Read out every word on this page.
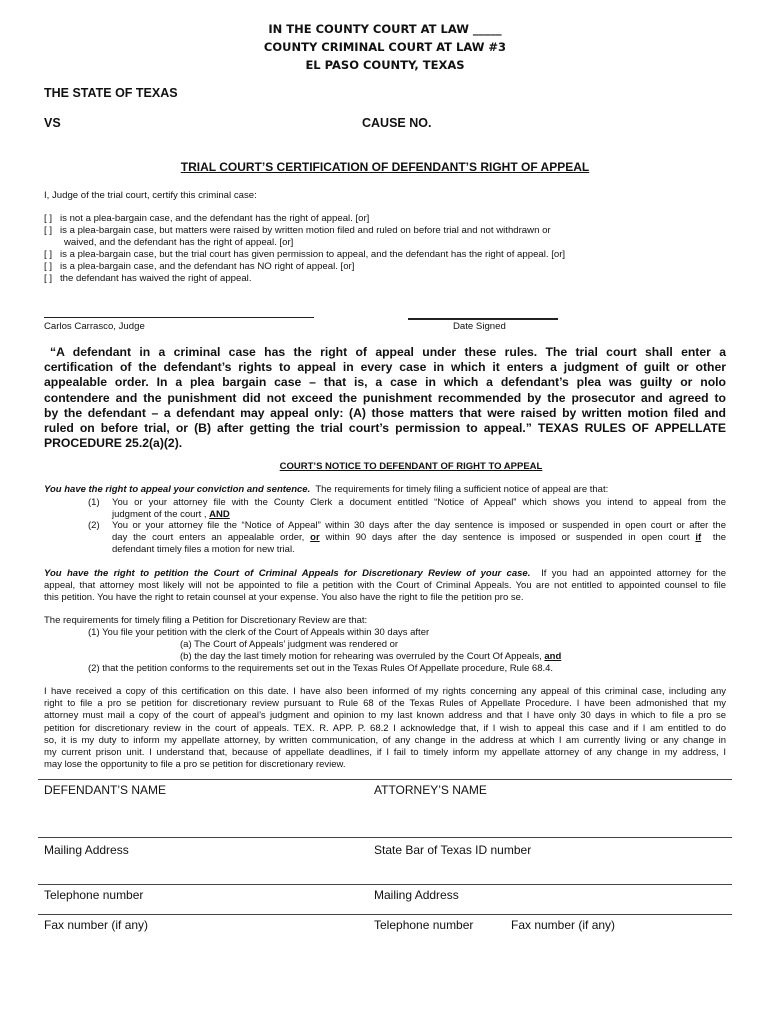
IN THE COUNTY COURT AT LAW _____
COUNTY CRIMINAL COURT AT LAW #3
EL PASO COUNTY, TEXAS
THE STATE OF TEXAS
VS	CAUSE NO.
TRIAL COURT’S CERTIFICATION OF DEFENDANT’S RIGHT OF APPEAL
I, Judge of the trial court, certify this criminal case:
[ ] is not a plea-bargain case, and the defendant has the right of appeal. [or]
[ ] is a plea-bargain case, but matters were raised by written motion filed and ruled on before trial and not withdrawn or
waived, and the defendant has the right of appeal. [or]
[ ] is a plea-bargain case, but the trial court has given permission to appeal, and the defendant has the right of appeal. [or]
[ ] is a plea-bargain case, and the defendant has NO right of appeal. [or]
[ ] the defendant has waived the right of appeal.
Carlos Carrasco, Judge	Date Signed
“A defendant in a criminal case has the right of appeal under these rules. The trial court shall enter a
certification of the defendant’s rights to appeal in every case in which it enters a judgment of guilt or other
appealable order. In a plea bargain case – that is, a case in which a defendant’s plea was guilty or nolo
contendere and the punishment did not exceed the punishment recommended by the prosecutor and agreed to
by the defendant – a defendant may appeal only: (A) those matters that were raised by written motion filed and
ruled on before trial, or (B) after getting the trial court’s permission to appeal.” TEXAS RULES OF APPELLATE
PROCEDURE 25.2(a)(2).
COURT’S NOTICE TO DEFENDANT OF RIGHT TO APPEAL
You have the right to appeal your conviction and sentence. The requirements for timely filing a sufficient notice of appeal are that:
(1)	You or your attorney file with the County Clerk a document entitled “Notice of Appeal” which shows you intend to appeal from the
judgment of the court , AND
(2)	You or your attorney file the “Notice of Appeal” within 30 days after the day sentence is imposed or suspended in open court or after the
day the court enters an appealable order, or within 90 days after the day sentence is imposed or suspended in open court if the
defendant timely files a motion for new trial.
You have the right to petition the Court of Criminal Appeals for Discretionary Review of your case. If you had an appointed attorney for the
appeal, that attorney most likely will not be appointed to file a petition with the Court of Criminal Appeals. You are not entitled to appointed counsel to file
this petition. You have the right to retain counsel at your expense. You also have the right to file the petition pro se.
The requirements for timely filing a Petition for Discretionary Review are that:
(1) You file your petition with the clerk of the Court of Appeals within 30 days after
(a) The Court of Appeals’ judgment was rendered or
(b) the day the last timely motion for rehearing was overruled by the Court Of Appeals, and
(2) that the petition conforms to the requirements set out in the Texas Rules Of Appellate procedure, Rule 68.4.
I have received a copy of this certification on this date. I have also been informed of my rights concerning any appeal of this criminal case, including any
right to file a pro se petition for discretionary review pursuant to Rule 68 of the Texas Rules of Appellate Procedure. I have been admonished that my
attorney must mail a copy of the court of appeal’s judgment and opinion to my last known address and that I have only 30 days in which to file a pro se
petition for discretionary review in the court of appeals. TEX. R. APP. P. 68.2 I acknowledge that, if I wish to appeal this case and if I am entitled to do
so, it is my duty to inform my appellate attorney, by written communication, of any change in the address at which I am currently living or any change in
my current prison unit. I understand that, because of appellate deadlines, if I fail to timely inform my appellate attorney of any change in my address, I
may lose the opportunity to file a pro se petition for discretionary review.
DEFENDANT’S NAME	ATTORNEY’S NAME
Mailing Address	State Bar of Texas ID number
Telephone number	Mailing Address
Fax number (if any)	Telephone number	Fax number (if any)
